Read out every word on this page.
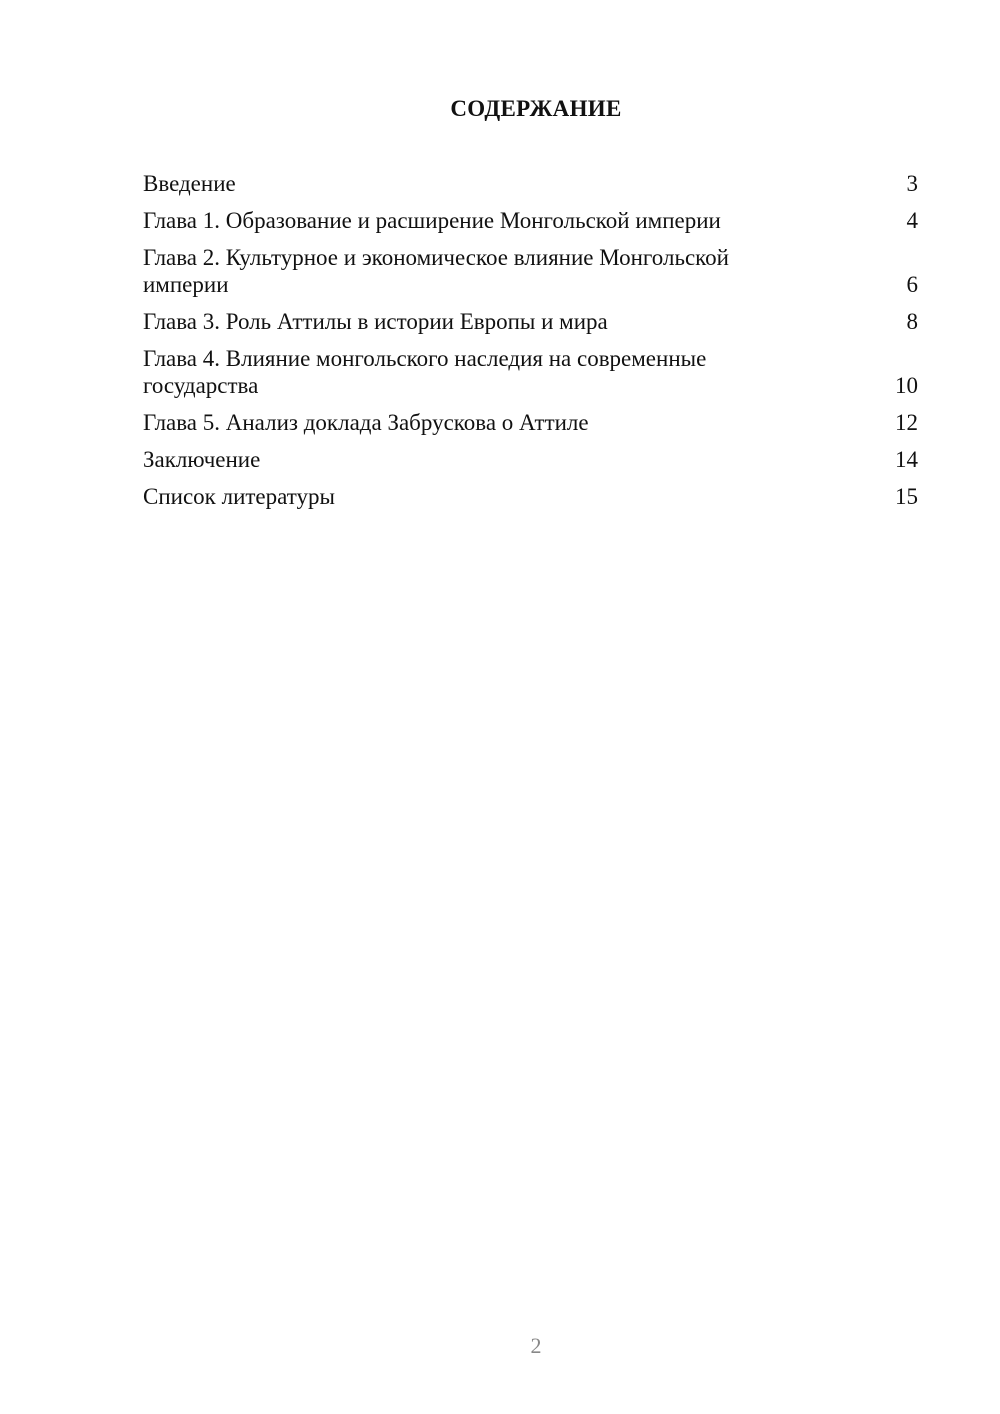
СОДЕРЖАНИЕ
Введение	3
Глава 1. Образование и расширение Монгольской империи	4
Глава 2. Культурное и экономическое влияние Монгольской империи	6
Глава 3. Роль Аттилы в истории Европы и мира	8
Глава 4. Влияние монгольского наследия на современные государства	10
Глава 5. Анализ доклада Забрускова о Аттиле	12
Заключение	14
Список литературы	15
2
